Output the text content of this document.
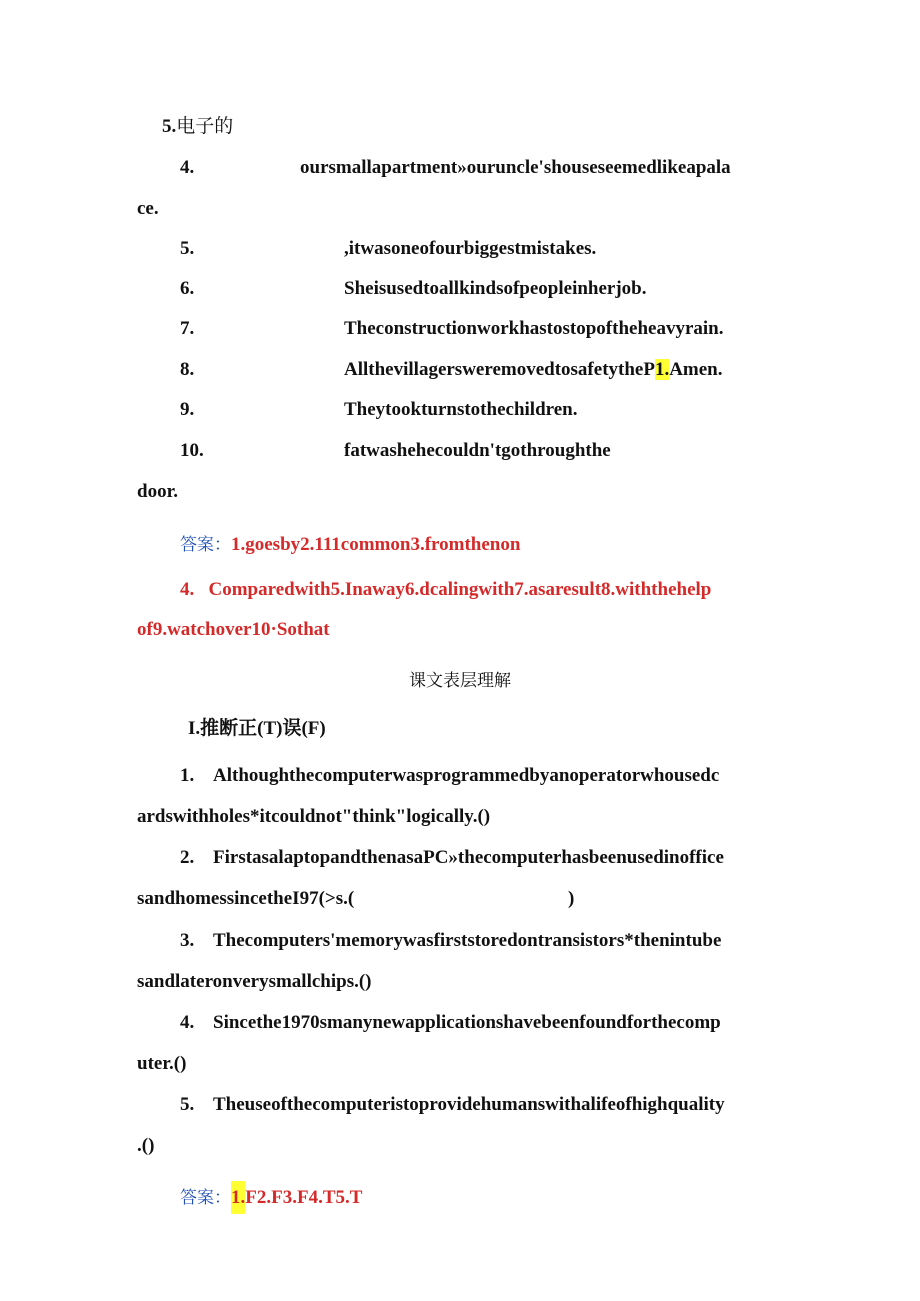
5.电子的
4.	oursmallapartment»ouruncle'shouseseemedlikeapala
ce.
5.	,itwasoneofourbiggestmistakes.
6.	Sheisusedtoallkindsofpeopleinherjob.
7.	Theconstructionworkhastostopoftheheavyrain.
8.	AllthevillagersweremovedtosafetytheP1.Amen.
9.	Theytookturnstothechildren.
10.	fatwashehecouldn'tgothroughthe
door.
答案：1.goesby2.111common3.fromthenon
4.   Comparedwith5.Inaway6.dcalingwith7.asaresult8.withthehelp
of9.watchover10·Sothat
课文表层理解
I.推断正(T)误(F)
1. Althoughthecomputerwasprogrammedbyanoperatorwhousedc
ardswithholes*itcouldnot"think"logically.()
2. FirstasalaptopandthenasaPC»thecomputerhasbeenusedinoffice
sandhomessincetheI97(>s.(	)
3. Thecomputers'memorywasfirststoredontransistors*thenintube
sandlateronverysmallchips.()
4. Sincethe1970smanynewapplicationshavebeenfoundforthecomp
uter.()
5. Theuseofthecomputeristoprovidehumanswithalifeofhighquality
.()
答案：1.F2.F3.F4.T5.T
